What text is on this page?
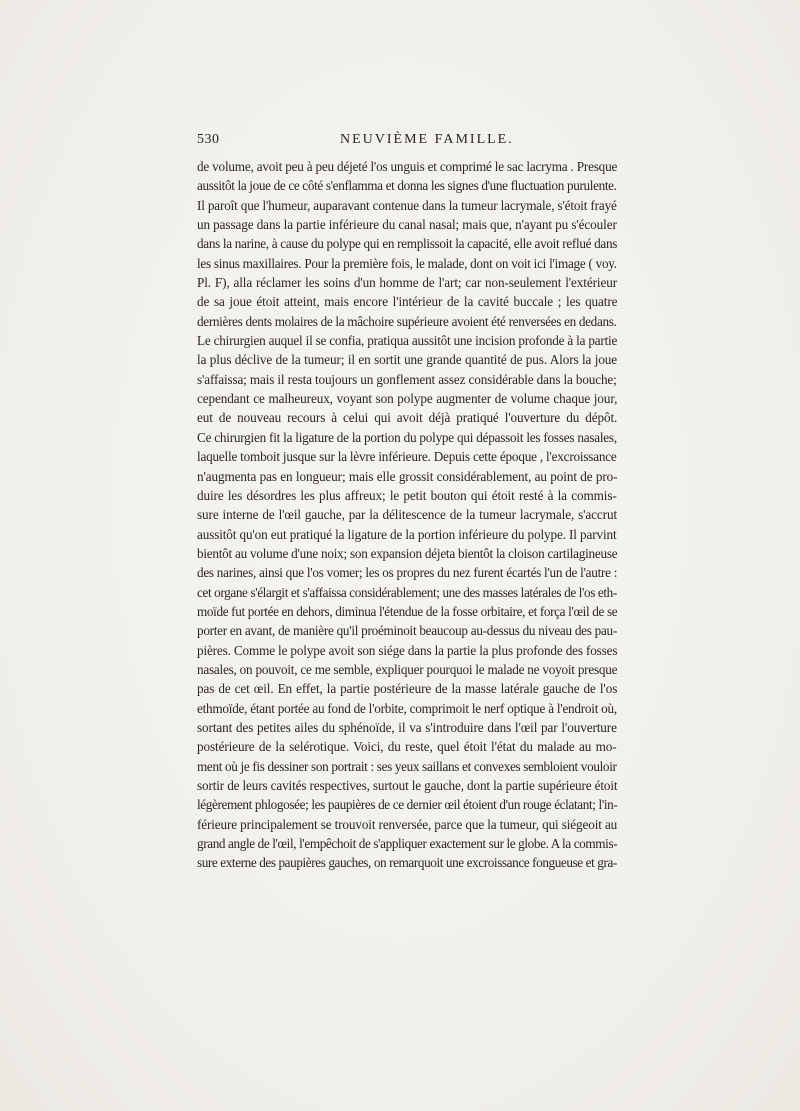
530	NEUVIÈME FAMILLE.
de volume, avoit peu à peu déjeté l'os unguis et comprimé le sac lacryma . Presque
aussitôt la joue de ce côté s'enflamma et donna les signes d'une fluctuation purulente.
Il paroît que l'humeur, auparavant contenue dans la tumeur lacrymale, s'étoit frayé
un passage dans la partie inférieure du canal nasal; mais que, n'ayant pu s'écouler
dans la narine, à cause du polype qui en remplissoit la capacité, elle avoit reflué dans
les sinus maxillaires. Pour la première fois, le malade, dont on voit ici l'image ( voy.
Pl. F), alla réclamer les soins d'un homme de l'art; car non-seulement l'extérieur
de sa joue étoit atteint, mais encore l'intérieur de la cavité buccale ; les quatre
dernières dents molaires de la mâchoire supérieure avoient été renversées en dedans.
Le chirurgien auquel il se confia, pratiqua aussitôt une incision profonde à la partie
la plus déclive de la tumeur; il en sortit une grande quantité de pus. Alors la joue
s'affaissa; mais il resta toujours un gonflement assez considérable dans la bouche;
cependant ce malheureux, voyant son polype augmenter de volume chaque jour,
eut de nouveau recours à celui qui avoit déjà pratiqué l'ouverture du dépôt.
Ce chirurgien fit la ligature de la portion du polype qui dépassoit les fosses nasales,
laquelle tomboit jusque sur la lèvre inférieure. Depuis cette époque , l'excroissance
n'augmenta pas en longueur; mais elle grossit considérablement, au point de pro-
duire les désordres les plus affreux; le petit bouton qui étoit resté à la commis-
sure interne de l'œil gauche, par la délitescence de la tumeur lacrymale, s'accrut
aussitôt qu'on eut pratiqué la ligature de la portion inférieure du polype. Il parvint
bientôt au volume d'une noix; son expansion déjeta bientôt la cloison cartilagineuse
des narines, ainsi que l'os vomer; les os propres du nez furent écartés l'un de l'autre :
cet organe s'élargit et s'affaissa considérablement; une des masses latérales de l'os eth-
moïde fut portée en dehors, diminua l'étendue de la fosse orbitaire, et força l'œil de se
porter en avant, de manière qu'il proéminoit beaucoup au-dessus du niveau des pau-
pières. Comme le polype avoit son siége dans la partie la plus profonde des fosses
nasales, on pouvoit, ce me semble, expliquer pourquoi le malade ne voyoit presque
pas de cet œil. En effet, la partie postérieure de la masse latérale gauche de l'os
ethmoïde, étant portée au fond de l'orbite, comprimoit le nerf optique à l'endroit où,
sortant des petites ailes du sphénoïde, il va s'introduire dans l'œil par l'ouverture
postérieure de la selérotique. Voici, du reste, quel étoit l'état du malade au mo-
ment où je fis dessiner son portrait : ses yeux saillans et convexes sembloient vouloir
sortir de leurs cavités respectives, surtout le gauche, dont la partie supérieure étoit
légèrement phlogosée; les paupières de ce dernier œil étoient d'un rouge éclatant; l'in-
férieure principalement se trouvoit renversée, parce que la tumeur, qui siégeoit au
grand angle de l'œil, l'empêchoit de s'appliquer exactement sur le globe. A la commis-
sure externe des paupières gauches, on remarquoit une excroissance fongueuse et gra-
